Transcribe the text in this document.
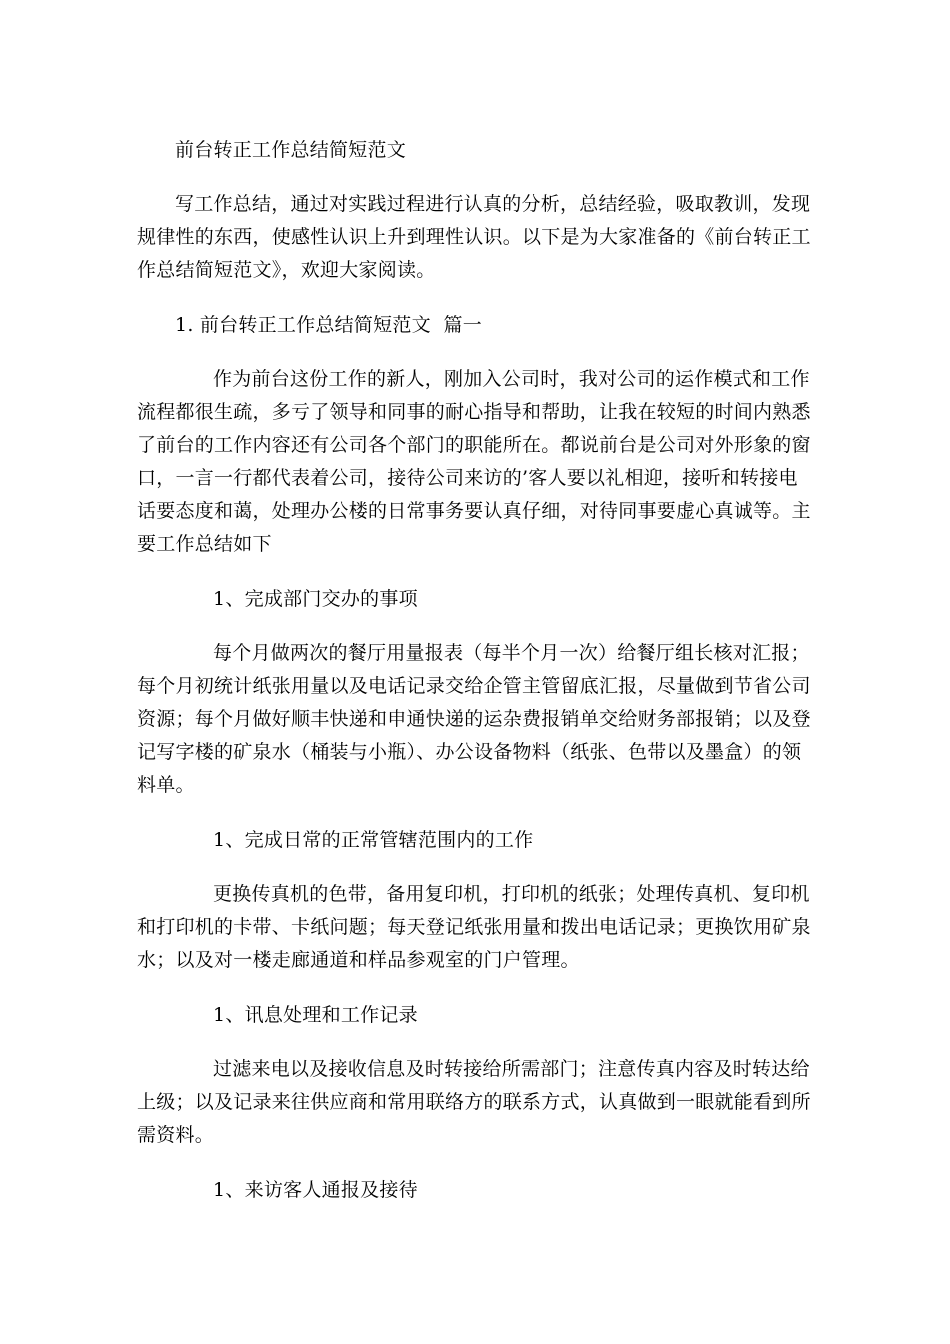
前台转正工作总结简短范文
写工作总结，通过对实践过程进行认真的分析，总结经验，吸取教训，发现
规律性的东西，使感性认识上升到理性认识。以下是为大家准备的《前台转正工
作总结简短范文》，欢迎大家阅读。
1. 前台转正工作总结简短范文  篇一
作为前台这份工作的新人，刚加入公司时，我对公司的运作模式和工作
流程都很生疏，多亏了领导和同事的耐心指导和帮助，让我在较短的时间内熟悉
了前台的工作内容还有公司各个部门的职能所在。都说前台是公司对外形象的窗
口，一言一行都代表着公司，接待公司来访的’客人要以礼相迎，接听和转接电
话要态度和蔼，处理办公楼的日常事务要认真仔细，对待同事要虚心真诚等。主
要工作总结如下
1、完成部门交办的事项
每个月做两次的餐厅用量报表（每半个月一次）给餐厅组长核对汇报；
每个月初统计纸张用量以及电话记录交给企管主管留底汇报，尽量做到节省公司
资源；每个月做好顺丰快递和申通快递的运杂费报销单交给财务部报销；以及登
记写字楼的矿泉水（桶装与小瓶）、办公设备物料（纸张、色带以及墨盒）的领
料单。
1、完成日常的正常管辖范围内的工作
更换传真机的色带，备用复印机，打印机的纸张；处理传真机、复印机
和打印机的卡带、卡纸问题；每天登记纸张用量和拨出电话记录；更换饮用矿泉
水；以及对一楼走廊通道和样品参观室的门户管理。
1、讯息处理和工作记录
过滤来电以及接收信息及时转接给所需部门；注意传真内容及时转达给
上级；以及记录来往供应商和常用联络方的联系方式，认真做到一眼就能看到所
需资料。
1、来访客人通报及接待
